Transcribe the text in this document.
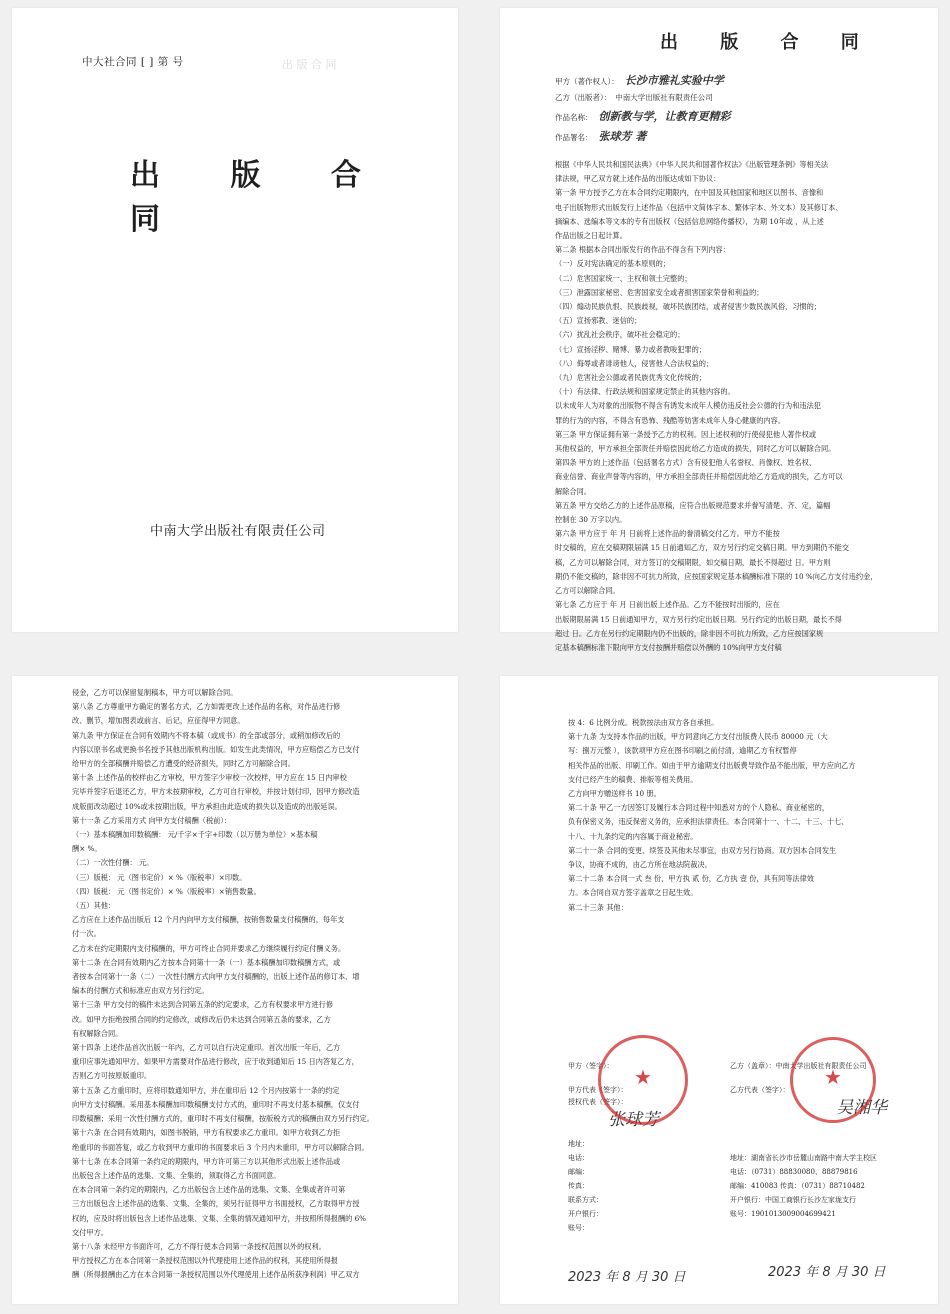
中大社合同 [ ] 第 号	出 版 合 同
出 版 合 同
中南大学出版社有限责任公司
出 版 合 同
甲方（著作权人）： 长沙市雅礼实验中学
乙方（出版者）： 中南大学出版社有限责任公司
作品名称： 创新教与学，让教育更精彩
作品署名： 张球芳 著
根据《中华人民共和国民法典》《中华人民共和国著作权法》《出版管理条例》等相关法
律法规，甲乙双方就上述作品的出版达成如下协议：
第一条 甲方授予乙方在本合同约定期限内，在中国及其他国家和地区以图书、音像和
电子出版物形式出版发行上述作品（包括中文简体字本、繁体字本、外文本）及其修订本、
摘编本、选编本等文本的专有出版权（包括信息网络传播权），为期 10年或 ，从上述
作品出版之日起计算。
第二条 根据本合同出版发行的作品不得含有下列内容：
（一）反对宪法确定的基本原则的；
（二）危害国家统一、主权和领土完整的；
（三）泄露国家秘密、危害国家安全或者损害国家荣誉和利益的；
（四）煽动民族仇恨、民族歧视，破坏民族团结，或者侵害少数民族风俗、习惯的；
（五）宣扬邪教、迷信的；
（六）扰乱社会秩序，破坏社会稳定的；
（七）宣扬淫秽、赌博、暴力或者教唆犯罪的；
（八）侮辱或者诽谤他人，侵害他人合法权益的；
（九）危害社会公德或者民族优秀文化传统的；
（十）有法律、行政法规和国家规定禁止的其他内容的。
以未成年人为对象的出版物不得含有诱发未成年人模仿违反社会公德的行为和违法犯
罪的行为的内容，不得含有恐怖、残酷等妨害未成年人身心健康的内容。
第三条 甲方保证拥有第一条授予乙方的权利。因上述权利的行使侵犯他人著作权或
其他权益的，甲方承担全部责任并赔偿因此给乙方造成的损失，同时乙方可以解除合同。
第四条 甲方的上述作品（包括署名方式）含有侵犯他人名誉权、肖像权、姓名权、
商业信誉、商业声誉等内容的，甲方承担全部责任并赔偿因此给乙方造成的损失，乙方可以
解除合同。
第五条 甲方交给乙方的上述作品原稿，应符合出版规范要求并誊写清楚、齐、定，篇幅
控制在 30 万字以内。
第六条 甲方应于 年 月 日前将上述作品的誊清稿交付乙方。甲方不能按
时交稿的，应在交稿期限届满 15 日前通知乙方，双方另行约定交稿日期。甲方到期仍不能交
稿，乙方可以解除合同，对方签订的交稿期限，如交稿日期，最长不得超过 日。甲方则
期仍不能交稿的，除非因不可抗力所致，应按国家规定基本稿酬标准下限的 10 %向乙方支付违约金，
乙方可以解除合同。
第七条 乙方应于 年 月 日前出版上述作品。乙方不能按时出版的，应在
出版期限届满 15 日前通知甲方，双方另行约定出版日期。另行约定的出版日期，最长不得
超过 日。乙方在另行约定期限内仍不出版的，除非因不可抗力所致，乙方应按国家规
定基本稿酬标准下限向甲方支付按酬并赔偿以外酬的 10%向甲方支付稿
侵金，乙方可以保留复制稿本，甲方可以解除合同。
第八条 乙方尊重甲方确定的署名方式，乙方如需更改上述作品的名称，对作品进行修
改、删节，增加图表或前言、后记，应征得甲方同意。
第九条 甲方保证在合同有效期内不将本稿（或成书）的全部或部分，或稍加修改后的
内容以原书名或更换书名授予其他出版机构出版。如发生此类情况，甲方应赔偿乙方已支付
给甲方的全部稿酬并赔偿乙方遭受的经济损失，同时乙方可解除合同。
第十条 上述作品的校样由乙方审校，甲方签字少审校一次校样，甲方应在 15 日内审校
完毕并签字后退还乙方，甲方未按期审校，乙方可自行审校，并按计划付印，因甲方修改造
成版面改动超过 10%或未按期出版，甲方承担由此造成的损失以及造成的出版延误。
第十一条 乙方采用方式 向甲方支付稿酬（税前）：
（一）基本稿酬加印数稿酬： 元/千字×千字+印数（以万册为单位）×基本稿
酬× %。
（二）一次性付酬： 元。
（三）版税： 元（图书定价）× %（版税率）×印数。
（四）版税： 元（图书定价）× %（版税率）×销售数量。
（五）其他：
乙方应在上述作品出版后 12 个月内向甲方支付稿酬，按销售数量支付稿酬的，每年支
付一次。
乙方未在约定期限内支付稿酬的，甲方可终止合同并要求乙方继续履行约定付酬义务。
第十二条 在合同有效期内乙方按本合同第十一条（一）基本稿酬加印数稿酬方式，或
者按本合同第十一条（二）一次性付酬方式向甲方支付稿酬的，出版上述作品的修订本、增
编本的付酬方式和标准应由双方另行约定。
第十三条 甲方交付的稿件未达到合同第五条的约定要求，乙方有权要求甲方进行修
改。如甲方拒绝按照合同的约定修改，或修改后仍未达到合同第五条的要求，乙方
有权解除合同。
第十四条 上述作品首次出版一年内，乙方可以自行决定重印。首次出版一年后，乙方
重印应事先通知甲方。如果甲方需要对作品进行修改，应于收到通知后 15 日内答复乙方，
否则乙方可按原版重印。
第十五条 乙方重印时，应将印数通知甲方，并在重印后 12 个月内按第十一条的约定
向甲方支付稿酬。采用基本稿酬加印数稿酬支付方式的，重印时不再支付基本稿酬，仅支付
印数稿酬；采用一次性付酬方式的，重印时不再支付稿酬，按版税方式的稿酬由双方另行约定。
第十六条 在合同有效期内，如图书脱销，甲方有权要求乙方重印。如甲方收到乙方拒
绝重印的书面答复，或乙方收到甲方重印的书面要求后 3 个月内未重印，甲方可以解除合同。
第十七条 在本合同第一条约定的期限内，甲方许可第三方以其他形式出版上述作品或
出版包含上述作品的选集、文集、全集的，须取得乙方书面同意。
在本合同第一条约定的期限内，乙方出版包含上述作品的选集、文集、全集或者许可第
三方出版包含上述作品的选集、文集、全集的，须另行征得甲方书面授权，乙方取得甲方授
权的，应及时将出版包含上述作品选集、文集、全集的情况通知甲方，并按照所得报酬的 6%
交付甲方。
第十八条 未经甲方书面许可，乙方不得行使本合同第一条授权范围以外的权利。
甲方授权乙方在本合同第一条授权范围以外代理使用上述作品的权利，其使用所得报
酬（所得报酬由乙方在本合同第一条授权范围以外代理使用上述作品所获净利润）甲乙双方
按 4：6 比例分成。税款按法由双方各自承担。
第十九条 为支持本作品的出版，甲方同意向乙方支付出版费人民币 80000 元（大
写：捌万元整 ），该款项甲方应在图书印刷之前付清，逾期乙方有权暂停
相关作品的出版、印刷工作。如由于甲方逾期支付出版费导致作品不能出版，甲方应向乙方
支付已经产生的稿费、排版等相关费用。
乙方向甲方赠送样书 10 册。
第二十条 甲乙一方因签订及履行本合同过程中知悉对方的个人隐私、商业秘密的，
负有保密义务，违反保密义务的，应承担法律责任。本合同第十一、十二、十三、十七、
十八、十九条约定的内容属于商业秘密。
第二十一条 合同的变更、续签及其他未尽事宜，由双方另行协商。双方因本合同发生
争议，协商不成的，由乙方所在地法院裁决。
第二十二条 本合同一式 叁 份，甲方执 贰 份，乙方执 壹 份，具有同等法律效
力。本合同自双方签字盖章之日起生效。
第二十三条 其他：
甲方（签字）：
甲方代表（签字）：
授权代表（签字）：
张球芳
地址：
电话：
邮编：
传真：
联系方式：
开户银行：
账号：
2023 年 8 月 30 日
乙方（盖章）：中南大学出版社有限责任公司
乙方代表（签字）：
吴湘华
地址：湖南省长沙市岳麓山南路中南大学主校区
电话：（0731）88830080、88879816
邮编：410083 传真：（0731）88710482
开户银行：中国工商银行长沙左家垅支行
账号：1901013009004699421
2023 年 8 月 30 日
★	★
